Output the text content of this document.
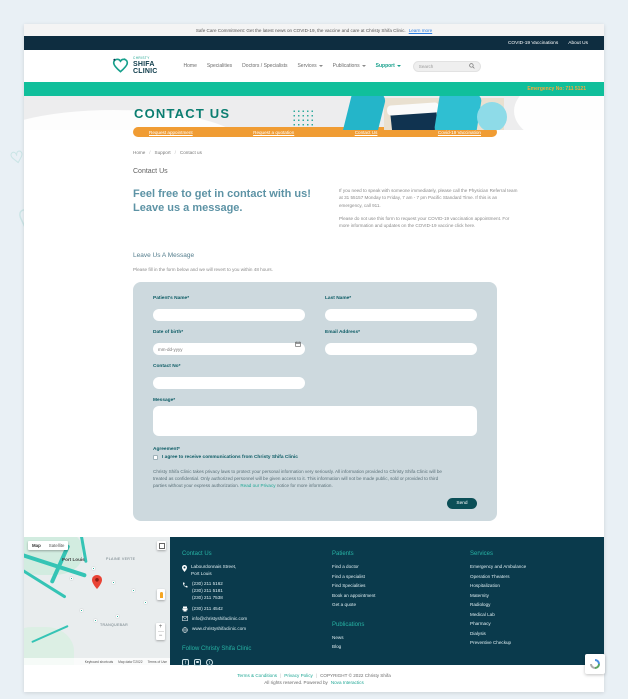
♡
Safe Care Commitment: Get the latest news on COVID-19, the vaccine and care at Christy Shifa Clinic. Learn more
COVID-19 Vaccinations About Us
CHRISTY
SHIFA
CLINIC
Home Specialities Doctors / Specialists Services	Publications	Support	Search
Emergency No: 711 5121
CONTACT US
Request appointment	Request a quotation	Contact Us	Covid-19 Vaccination
Home / Support / Contact us
Contact Us
Feel free to get in contact with us! Leave us a message.

If you need to speak with someone immediately, please call the Physician Referral team at 31 55157 Monday to Friday, 7 am - 7 pm Pacific Standard Time. If this is an emergency, call 911.

Please do not use this form to request your COVID-19 vaccination appointment. For more information and updates on the COVID-19 vaccine click here.

Leave Us A Message
Please fill in the form below and we will revert to you within 48 hours.
Patient's Name*	Last Name*
Date of birth*
mm-dd-yyyy	Email Address*
Contact No*
Message*
Agreement*
I agree to receive communications from Christy Shifa Clinic
Christy Shifa Clinic takes privacy laws to protect your personal information very seriously. All information provided to Christy Shifa Clinic will be treated as confidential. Only authorized personnel will be given access to it. This information will not be made public, sold or provided to third parties without your express authorization. Read our Privacy notice for more information.
Send
Port Louis	PLAINE VERTE
TRANQUEBAR
Map	Satellite
+
−
Keyboard shortcuts Map data ©2022 Terms of Use
Contact Us
Labourdonnais Street,
Port Louis
(230) 211 5162
(230) 211 5181
(230) 211 7538
(230) 211 4542
info@christyshifaclinic.com
www.christyshifaclinic.com
Follow Christy Shifa Clinic
f	t
Patients
Find a doctor
Find a specialist
Find Specialities
Book an appointment
Get a quote
Publications
News
Blog
Services
Emergency and Ambulance
Operation Theaters
Hospitalization
Maternity
Radiology
Medical Lab
Pharmacy
Dialysis
Preventive Checkup
Terms & Conditions | Privacy Policy | COPYRIGHT © 2022 Christy Shifa
All rights reserved. Powered by Nova Interactics
